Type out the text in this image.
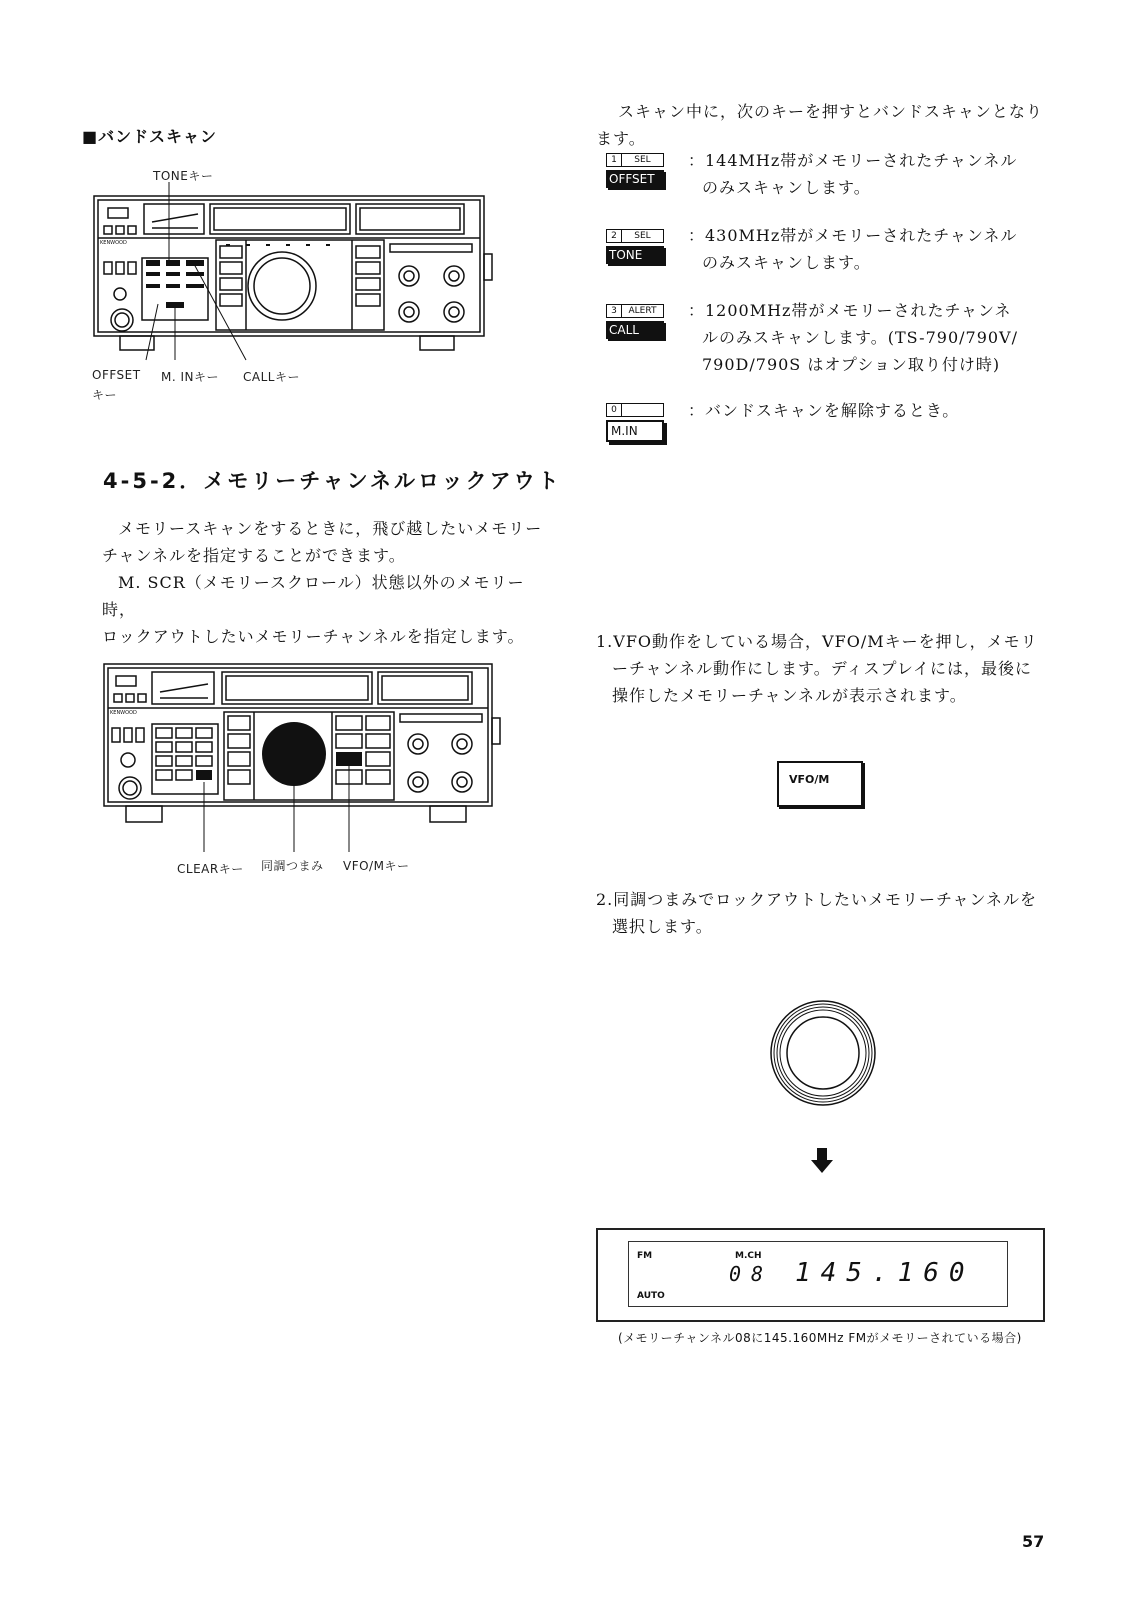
■バンドスキャン
TONEキー
KENWOOD
OFFSET
キー
M. INキー CALLキー
4-5-2．メモリーチャンネルロックアウト

メモリースキャンをするときに，飛び越したいメモリー

チャンネルを指定することができます。

M. SCR（メモリースクロール）状態以外のメモリー時，

ロックアウトしたいメモリーチャンネルを指定します。

KENWOOD
CLEARキー 同調つまみ VFO/Mキー

スキャン中に，次のキーを押すとバンドスキャンとなり

ます。

1	SEL
OFFSET
：144MHz帯がメモリーされたチャンネル
のみスキャンします。
2	SEL
TONE
：430MHz帯がメモリーされたチャンネル
のみスキャンします。
3	ALERT
CALL
：1200MHz帯がメモリーされたチャンネ
ルのみスキャンします。(TS-790/790V/
790D/790S はオプション取り付け時)
0
M.IN
：バンドスキャンを解除するとき。

1.VFO動作をしている場合，VFO/Mキーを押し，メモリ

ーチャンネル動作にします。ディスプレイには，最後に

操作したメモリーチャンネルが表示されます。

VFO/M

2.同調つまみでロックアウトしたいメモリーチャンネルを

選択します。

FM	M.CH
AUTO
08 145.160
(メモリーチャンネル08に145.160MHz FMがメモリーされている場合)
57
